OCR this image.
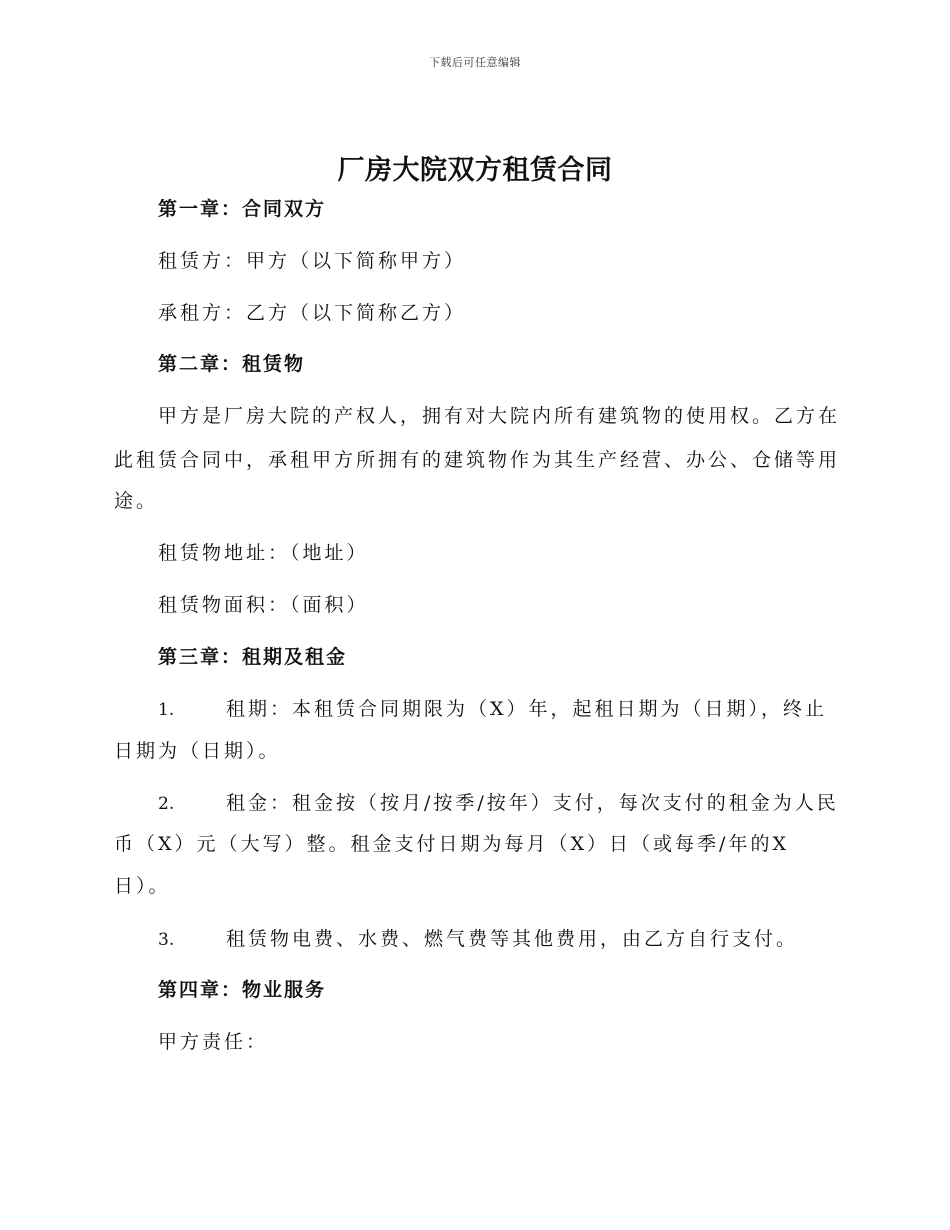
下载后可任意编辑
厂房大院双方租赁合同
第一章：合同双方
租赁方：甲方（以下简称甲方）
承租方：乙方（以下简称乙方）
第二章：租赁物
甲方是厂房大院的产权人，拥有对大院内所有建筑物的使用权。乙方在
此租赁合同中，承租甲方所拥有的建筑物作为其生产经营、办公、仓储等用
途。
租赁物地址：（地址）
租赁物面积：（面积）
第三章：租期及租金
1.	租期：本租赁合同期限为（X）年，起租日期为（日期），终止
日期为（日期）。
2.	租金：租金按（按月/按季/按年）支付，每次支付的租金为人民
币（X）元（大写）整。租金支付日期为每月（X）日（或每季/年的X
日）。
3.	租赁物电费、水费、燃气费等其他费用，由乙方自行支付。
第四章：物业服务
甲方责任：
